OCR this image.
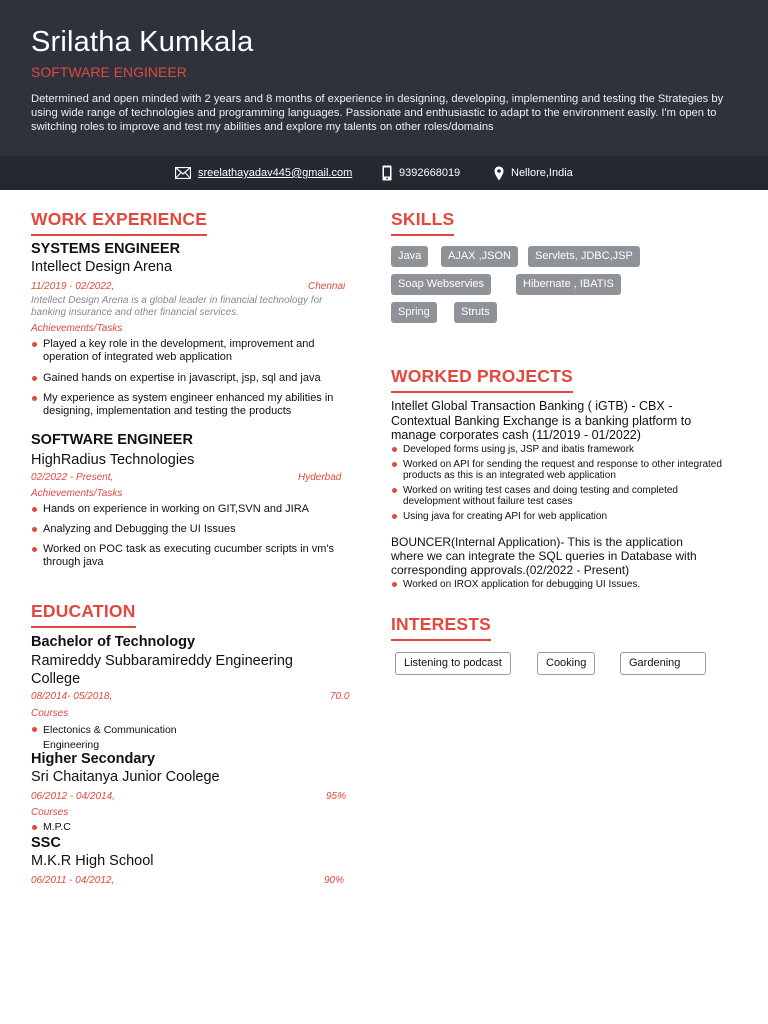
Srilatha Kumkala
SOFTWARE ENGINEER
Determined and open minded with 2 years and 8 months of experience in designing, developing, implementing and testing the Strategies by using wide range of technologies and programming languages. Passionate and enthusiastic to adapt to the environment easily. I'm open to switching roles to improve and test my abilities and explore my talents on other roles/domains
sreelathayadav445@gmail.com	9392668019	Nellore,India
WORK EXPERIENCE
SYSTEMS ENGINEER
Intellect Design Arena
11/2019 - 02/2022,	Chennai
Intellect Design Arena is a global leader in financial technology for banking insurance and other financial services.
Achievements/Tasks
Played a key role in the development, improvement and operation of integrated web application
Gained hands on expertise in javascript, jsp, sql and java
My experience as system engineer enhanced my abilities in designing, implementation and testing the products
SOFTWARE ENGINEER
HighRadius Technologies
02/2022 - Present,	Hyderbad
Achievements/Tasks
Hands on experience in working on GIT,SVN and JIRA
Analyzing and Debugging the UI Issues
Worked on POC task as executing cucumber scripts in vm's through java
EDUCATION
Bachelor of Technology
Ramireddy Subbaramireddy Engineering College
08/2014- 05/2018,	70.0
Courses
Electonics & Communication Engineering
Higher Secondary
Sri Chaitanya Junior Coolege
06/2012 - 04/2014,	95%
Courses
M.P.C
SSC
M.K.R High School
06/2011 - 04/2012,	90%
SKILLS
Java	AJAX ,JSON	Servlets, JDBC,JSP
Soap Webservies	Hibernate , IBATIS
Spring	Struts
WORKED PROJECTS
Intellet Global Transaction Banking ( iGTB) - CBX - Contextual Banking Exchange is a banking platform to manage corporates cash (11/2019 - 01/2022)
Developed forms using js, JSP and ibatis framework
Worked on API for sending the request and response to other integrated products as this is an integrated web application
Worked on writing test cases and doing testing and completed development without failure test cases
Using java for creating API for web application
BOUNCER(Internal Application)- This is the application where we can integrate the SQL queries in Database with corresponding approvals.(02/2022 - Present)
Worked on IROX application for debugging UI Issues.
INTERESTS
Listening to podcast	Cooking	Gardening
